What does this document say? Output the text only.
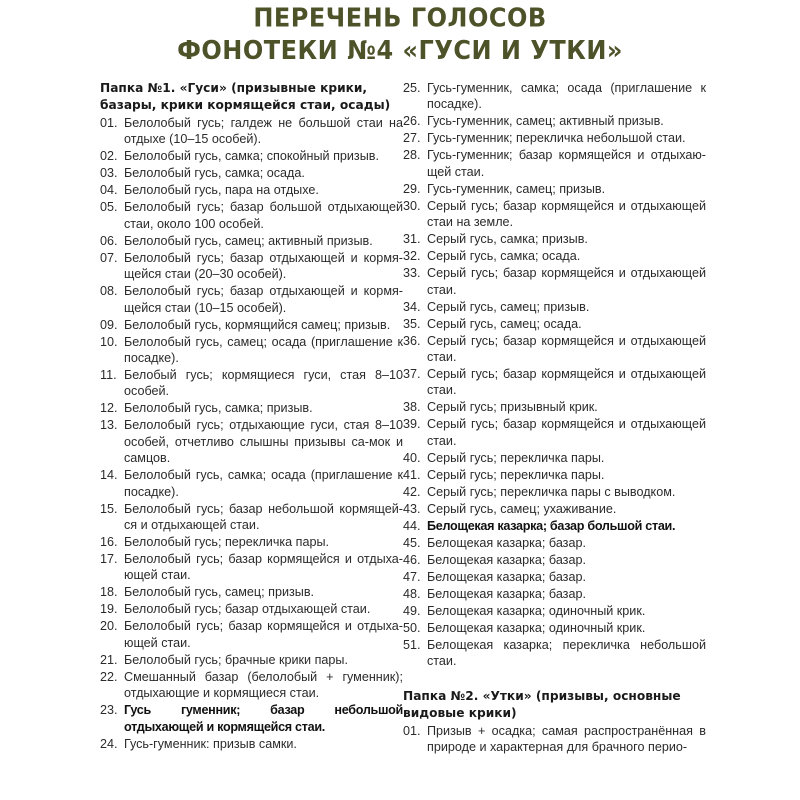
ПЕРЕЧЕНЬ ГОЛОСОВ
ФОНОТЕКИ №4 «ГУСИ И УТКИ»
Папка №1. «Гуси» (призывные крики, базары, крики кормящейся стаи, осады)
01. Белолобый гусь; галдеж не большой стаи на отдыхе (10–15 особей).
02. Белолобый гусь, самка; спокойный призыв.
03. Белолобый гусь, самка; осада.
04. Белолобый гусь, пара на отдыхе.
05. Белолобый гусь; базар большой отдыхающей стаи, около 100 особей.
06. Белолобый гусь, самец; активный призыв.
07. Белолобый гусь; базар отдыхающей и кормя-щейся стаи (20–30 особей).
08. Белолобый гусь; базар отдыхающей и кормя-щейся стаи (10–15 особей).
09. Белолобый гусь, кормящийся самец; призыв.
10. Белолобый гусь, самец; осада (приглашение к посадке).
11. Белобый гусь; кормящиеся гуси, стая 8–10 особей.
12. Белолобый гусь, самка; призыв.
13. Белолобый гусь; отдыхающие гуси, стая 8–10 особей, отчетливо слышны призывы са-мок и самцов.
14. Белолобый гусь, самка; осада (приглашение к посадке).
15. Белолобый гусь; базар небольшой кормящей-ся и отдыхающей стаи.
16. Белолобый гусь; перекличка пары.
17. Белолобый гусь; базар кормящейся и отдыха-ющей стаи.
18. Белолобый гусь, самец; призыв.
19. Белолобый гусь; базар отдыхающей стаи.
20. Белолобый гусь; базар кормящейся и отдыха-ющей стаи.
21. Белолобый гусь; брачные крики пары.
22. Смешанный базар (белолобый + гуменник); отдыхающие и кормящиеся стаи.
23. Гусь гуменник; базар небольшой отдыхающей и кормящейся стаи.
24. Гусь-гуменник: призыв самки.
25. Гусь-гуменник, самка; осада (приглашение к посадке).
26. Гусь-гуменник, самец; активный призыв.
27. Гусь-гуменник; перекличка небольшой стаи.
28. Гусь-гуменник; базар кормящейся и отдыхаю-щей стаи.
29. Гусь-гуменник, самец; призыв.
30. Серый гусь; базар кормящейся и отдыхающей стаи на земле.
31. Серый гусь, самка; призыв.
32. Серый гусь, самка; осада.
33. Серый гусь; базар кормящейся и отдыхающей стаи.
34. Серый гусь, самец; призыв.
35. Серый гусь, самец; осада.
36. Серый гусь; базар кормящейся и отдыхающей стаи.
37. Серый гусь; базар кормящейся и отдыхающей стаи.
38. Серый гусь; призывный крик.
39. Серый гусь; базар кормящейся и отдыхающей стаи.
40. Серый гусь; перекличка пары.
41. Серый гусь; перекличка пары.
42. Серый гусь; перекличка пары с выводком.
43. Серый гусь, самец; ухаживание.
44. Белощекая казарка; базар большой стаи.
45. Белощекая казарка; базар.
46. Белощекая казарка; базар.
47. Белощекая казарка; базар.
48. Белощекая казарка; базар.
49. Белощекая казарка; одиночный крик.
50. Белощекая казарка; одиночный крик.
51. Белощекая казарка; перекличка небольшой стаи.
Папка №2. «Утки» (призывы, основные видовые крики)
01. Призыв + осадка; самая распространённая в природе и характерная для брачного перио-
